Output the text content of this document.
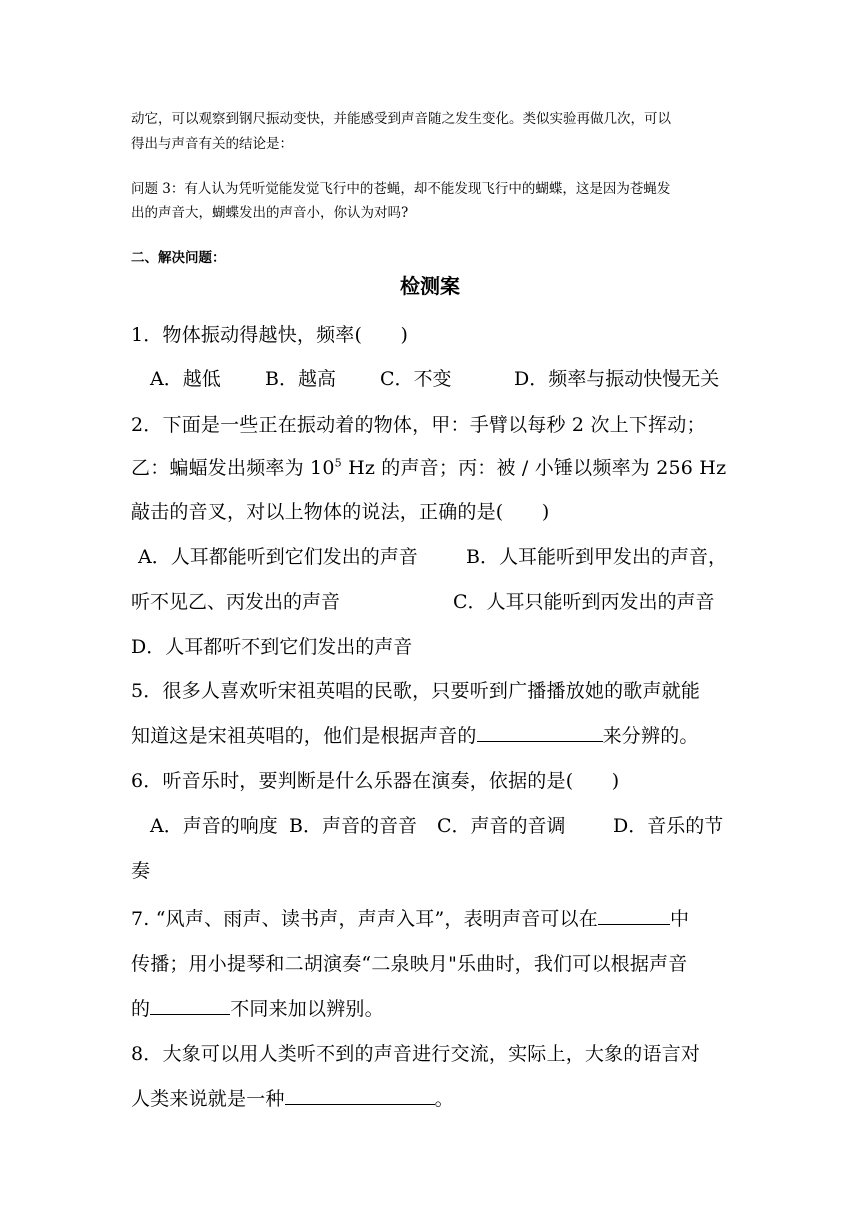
动它，可以观察到钢尺振动变快，并能感受到声音随之发生变化。类似实验再做几次，可以
得出与声音有关的结论是：
问题 3：有人认为凭听觉能发觉飞行中的苍蝇，却不能发现飞行中的蝴蝶，这是因为苍蝇发
出的声音大，蝴蝶发出的声音小，你认为对吗?
二、解决问题：
检测案
1．物体振动得越快，频率(　　)
A．越低 B．越高 C．不变	D．频率与振动快慢无关
2．下面是一些正在振动着的物体，甲：手臂以每秒 2 次上下挥动；
乙：蝙蝠发出频率为 $10^5$ Hz 的声音；丙：被 / 小锤以频率为 256 Hz
敲击的音叉，对以上物体的说法，正确的是(　　)
A．人耳都能听到它们发出的声音	B．人耳能听到甲发出的声音，
听不见乙、丙发出的声音	C．人耳只能听到丙发出的声音
D．人耳都听不到它们发出的声音
5．很多人喜欢听宋祖英唱的民歌，只要听到广播播放她的歌声就能
知道这是宋祖英唱的，他们是根据声音的	来分辨的。
6．听音乐时，要判断是什么乐器在演奏，依据的是(　　)
A．声音的响度 B．声音的音音 C．声音的音调 D．音乐的节
奏
7. “风声、雨声、读书声，声声入耳”，表明声音可以在	中
传播；用小提琴和二胡演奏“二泉映月"乐曲时，我们可以根据声音
的	不同来加以辨别。
8．大象可以用人类听不到的声音进行交流，实际上，大象的语言对
人类来说就是一种	。
